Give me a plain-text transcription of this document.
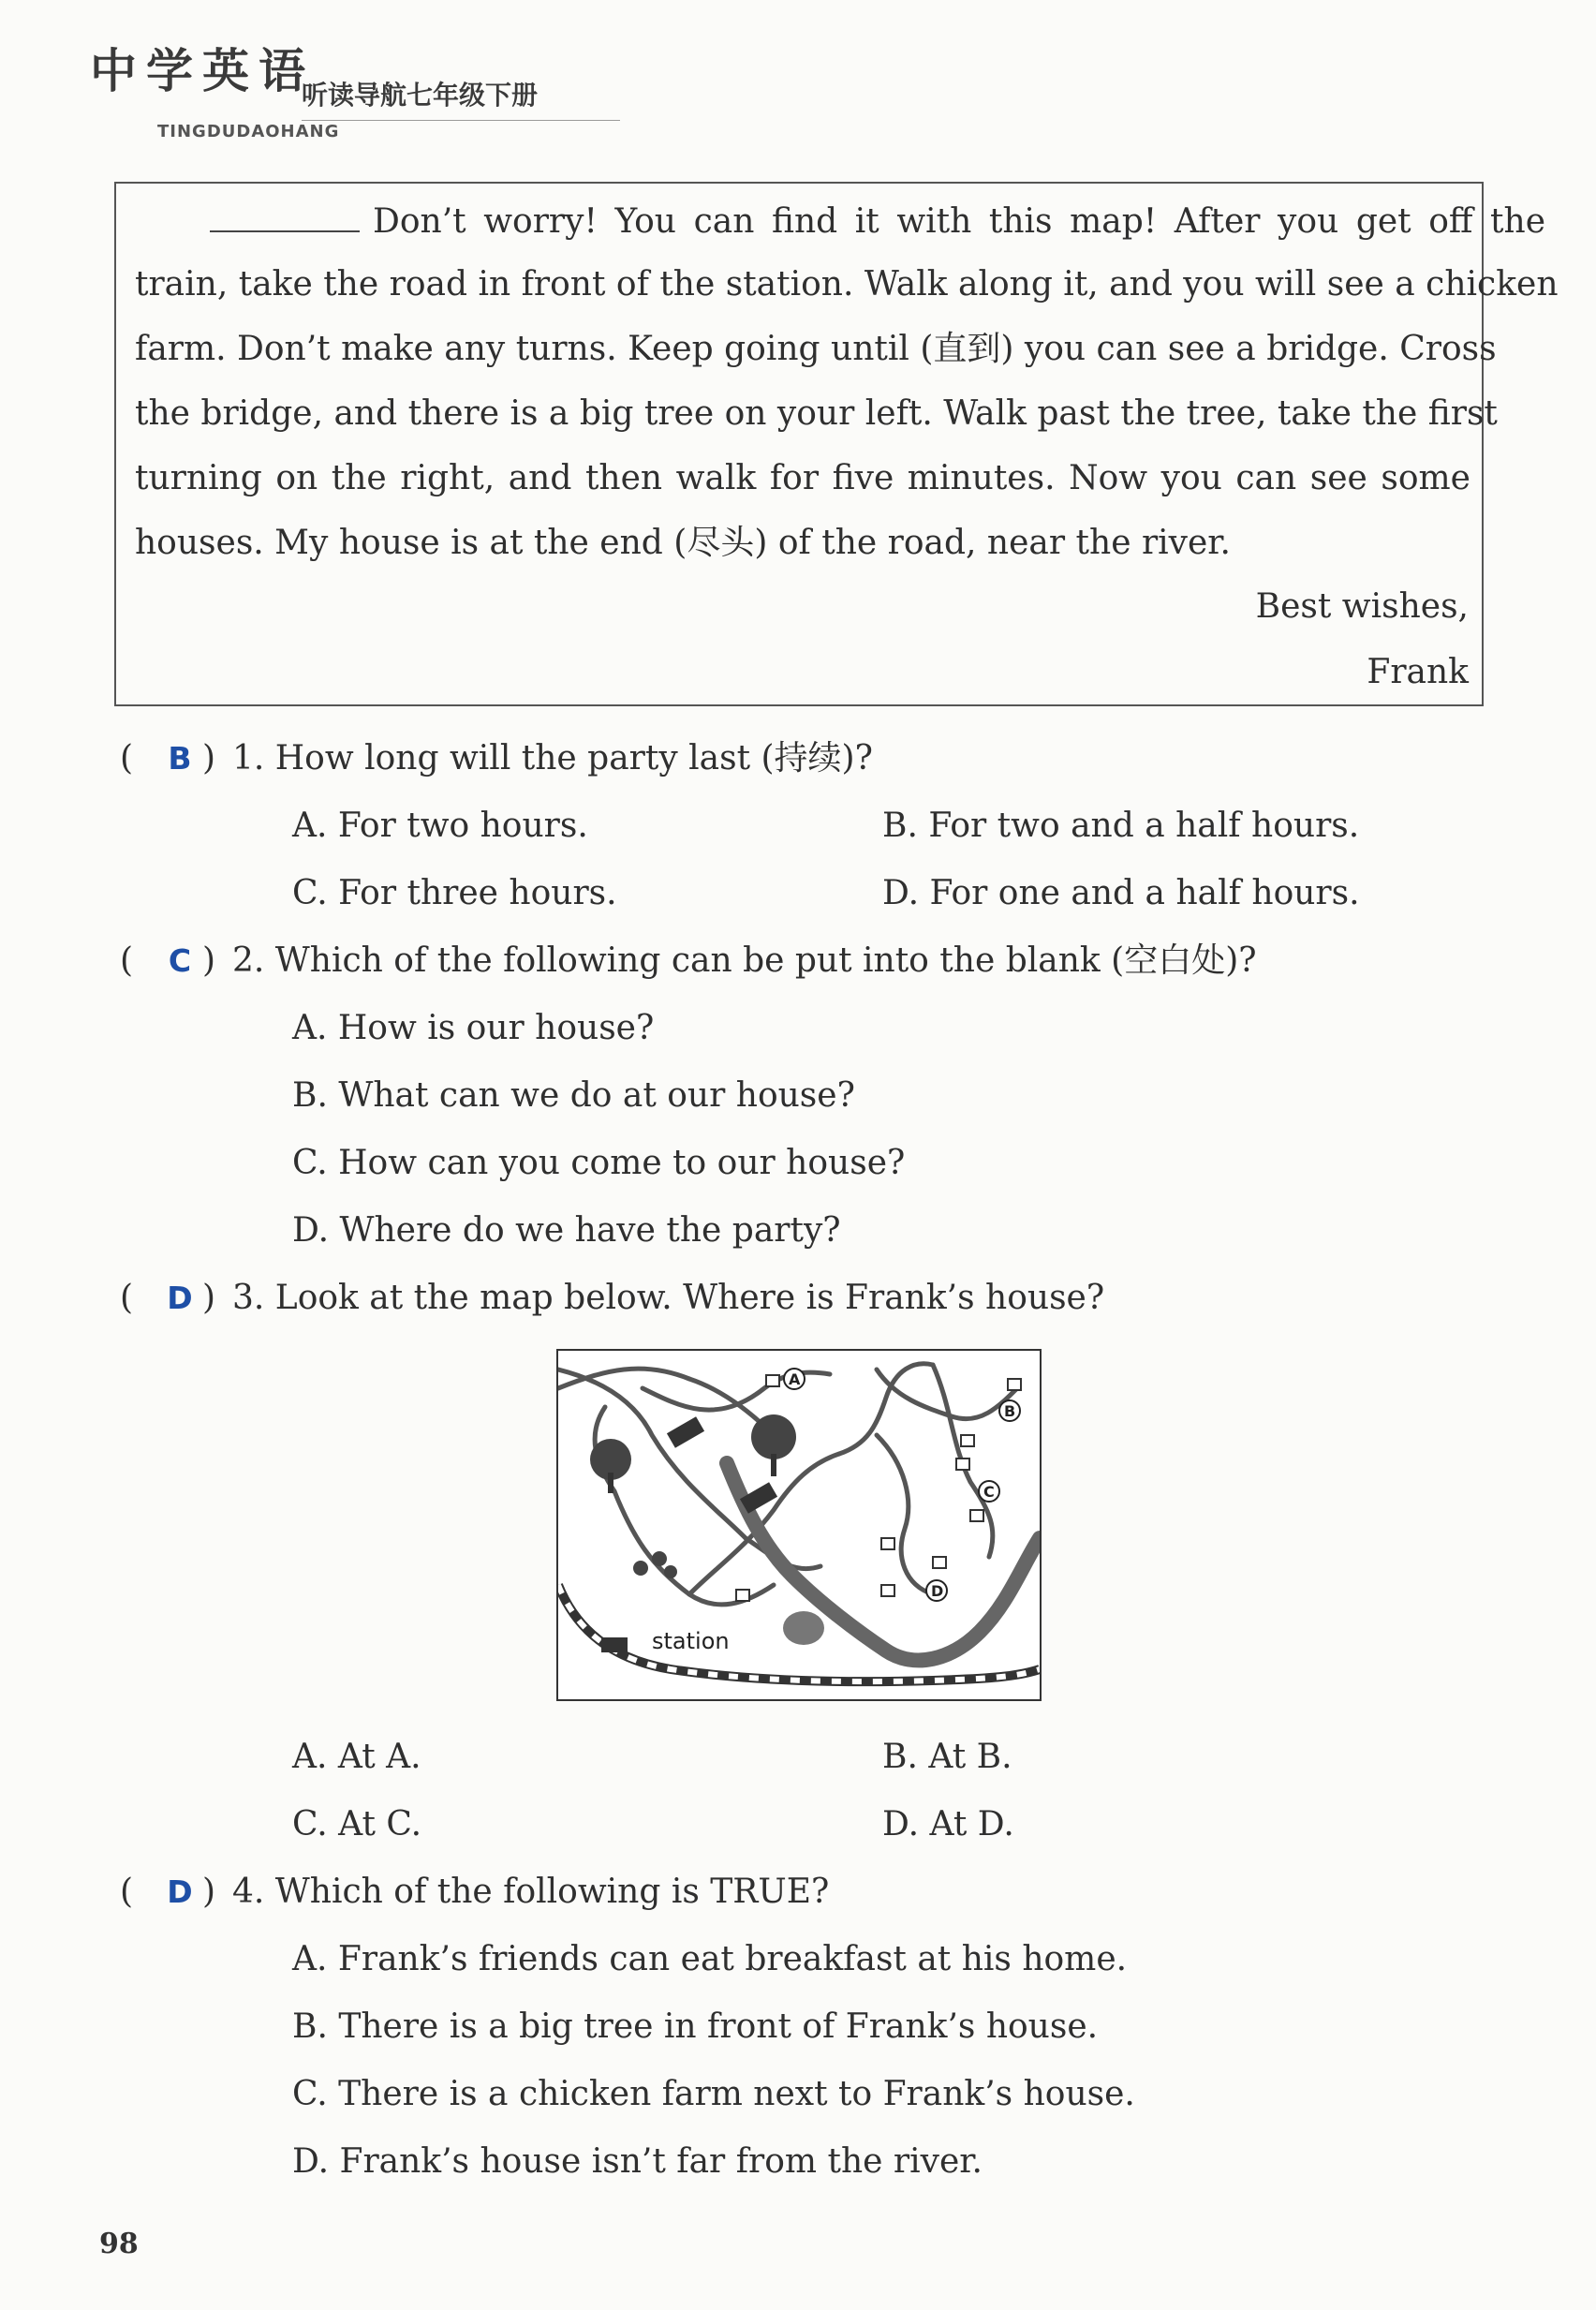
中学英语
听读导航七年级下册
TINGDUDAOHANG
Don’t worry! You can find it with this map! After you get off the
train, take the road in front of the station. Walk along it, and you will see a chicken
farm. Don’t make any turns. Keep going until (直到) you can see a bridge. Cross
the bridge, and there is a big tree on your left. Walk past the tree, take the first
turning on the right, and then walk for five minutes. Now you can see some
houses. My house is at the end (尽头) of the road, near the river.
Best wishes,
Frank
( B ) 1. How long will the party last (持续)?
A. For two hours.	B. For two and a half hours.
C. For three hours.	D. For one and a half hours.
( C ) 2. Which of the following can be put into the blank (空白处)?
A. How is our house?
B. What can we do at our house?
C. How can you come to our house?
D. Where do we have the party?
( D ) 3. Look at the map below. Where is Frank’s house?
station
A
B
C
D
A. At A.	B. At B.
C. At C.	D. At D.
( D ) 4. Which of the following is TRUE?
A. Frank’s friends can eat breakfast at his home.
B. There is a big tree in front of Frank’s house.
C. There is a chicken farm next to Frank’s house.
D. Frank’s house isn’t far from the river.
98
